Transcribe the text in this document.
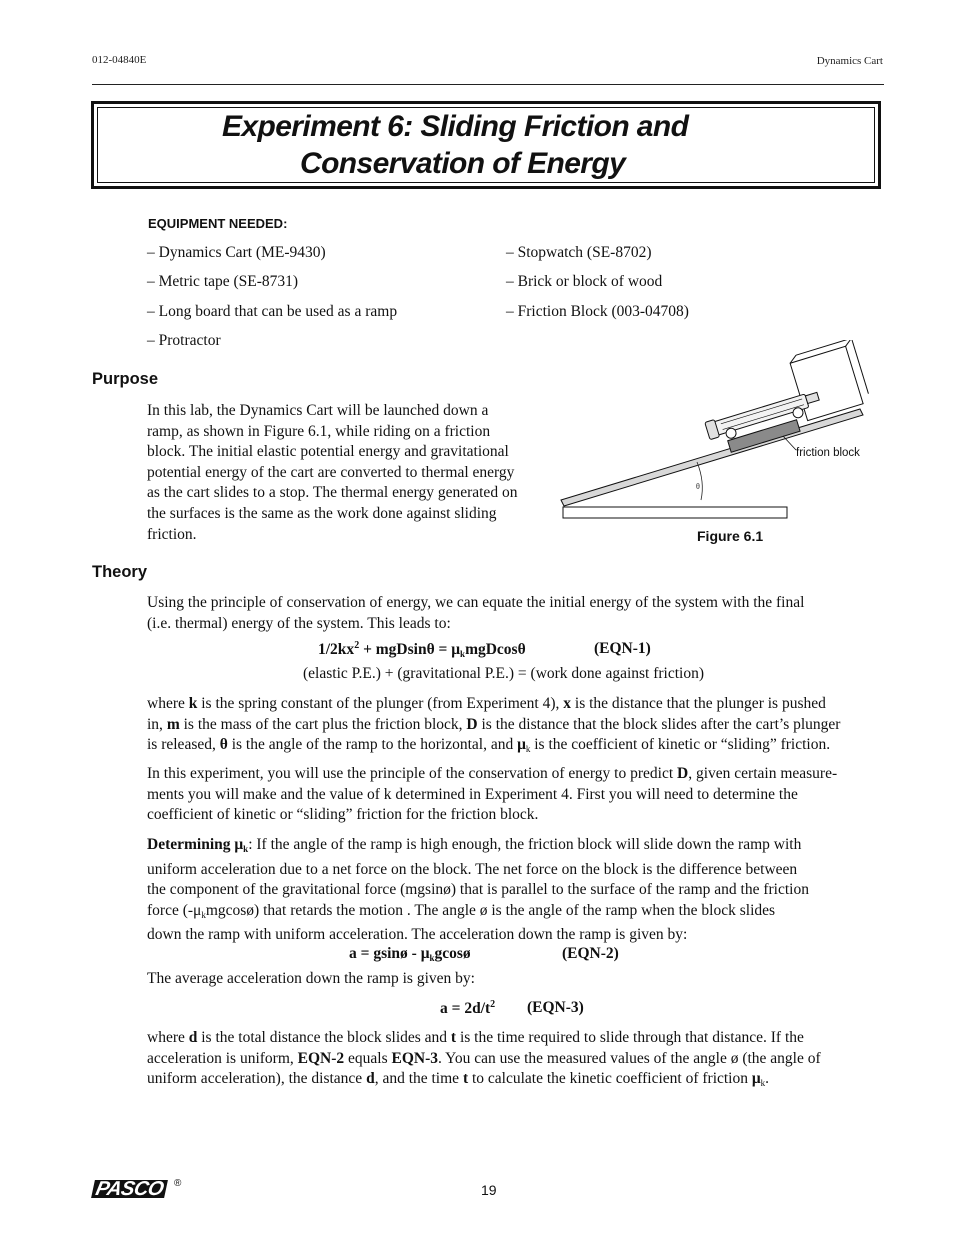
012-04840E	Dynamics Cart
Experiment 6: Sliding Friction and
Conservation of Energy
EQUIPMENT NEEDED:
– Dynamics Cart (ME-9430)
– Metric tape (SE-8731)
– Long board that can be used as a ramp
– Protractor
– Stopwatch (SE-8702)
– Brick or block of wood
– Friction Block (003-04708)
Purpose
In this lab, the Dynamics Cart will be launched down a
ramp, as shown in Figure 6.1, while riding on a friction
block. The initial elastic potential energy and gravitational
potential energy of the cart are converted to thermal energy
as the cart slides to a stop. The thermal energy generated on
the surfaces is the same as the work done against sliding
friction.
θ
friction block
Figure 6.1
Theory
Using the principle of conservation of energy, we can equate the initial energy of the system with the final
(i.e. thermal) energy of the system. This leads to:
$1/2kx^2 + mgDsin\theta = \mu_kmgDcos\theta$	(EQN-1)
(elastic P.E.) + (gravitational P.E.) = (work done against friction)
where k is the spring constant of the plunger (from Experiment 4), x is the distance that the plunger is pushed
in, m is the mass of the cart plus the friction block, D is the distance that the block slides after the cart’s plunger
is released, θ is the angle of the ramp to the horizontal, and $\mu_k$ is the coefficient of kinetic or “sliding” friction.
In this experiment, you will use the principle of the conservation of energy to predict D, given certain measure-
ments you will make and the value of k determined in Experiment 4. First you will need to determine the
coefficient of kinetic or “sliding” friction for the friction block.
Determining $\mu_k$: If the angle of the ramp is high enough, the friction block will slide down the ramp with
uniform acceleration due to a net force on the block. The net force on the block is the difference between
the component of the gravitational force (mgsinø) that is parallel to the surface of the ramp and the friction
force $(-\mu_kmgcosø)$ that retards the motion . The angle ø is the angle of the ramp when the block slides
down the ramp with uniform acceleration. The acceleration down the ramp is given by:
a = gsinø - $\mu_kgcosø$	(EQN-2)
The average acceleration down the ramp is given by:
$a = 2d/t^2$ (EQN-3)
where d is the total distance the block slides and t is the time required to slide through that distance. If the
acceleration is uniform, EQN-2 equals EQN-3. You can use the measured values of the angle ø (the angle of
uniform acceleration), the distance d, and the time t to calculate the kinetic coefficient of friction $\mu_k$.
PASCO ®	19
